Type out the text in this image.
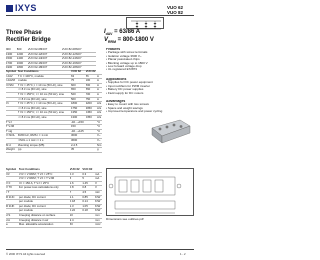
IXYS	VUO 62
VUO 82
Three Phase
Rectifier Bridge
$I_{dAV} = 63/86$ A
$V_{RRM} = 800-1800$ V
900	800	VUO 62-08NO7	VUO 82-08NO7
1300	1200	VUO 62-12NO7	VUO 82-12NO7
1500	1400	VUO 62-14NO7	VUO 82-14NO7
1700	1600	VUO 62-16NO7	VUO 82-16NO7
1900	1800	VUO 62-18NO7	VUO 82-18NO7
Symbol	Test Conditions	VUO 62	VUO 82	
I dAV	T C = 100°C, module	63	86	A
I dAVM	module	75	100	A
I FSM	T VJ = 45°C; t = 10 ms (50 Hz), sine	600	800	A
	t = 8.3 ms (60 Hz), sine	650	860	A
	T VJ = 150°C; t = 10 ms (50 Hz), sine	520	700	A
	t = 8.3 ms (60 Hz), sine	560	750	A
I²t	T VJ = 45°C; t = 10 ms (50 Hz), sine	1800	3200	A²s
	t = 8.3 ms (60 Hz), sine	1750	3050	A²s
	T VJ = 150°C; t = 10 ms (50 Hz), sine	1350	2450	A²s
	t = 8.3 ms (60 Hz), sine	1300	2350	A²s
T VJ		-40...+150		°C
T VJM		150		°C
T stg		-40...+125		°C
V ISOL	50/60 Hz, RMS t = 1 min	3000		V~
	I ISOL ≤ 1 mA t = 1 s	3600		V~
M d	Mounting torque (M5)	2-2.5		Nm
Weight	typ.	35		g
Symbol	Test Conditions	VUO 62	VUO 82	
I R	V R = V RRM; T VJ = 25°C	0.3	0.3	mA
	V R = V RRM; T VJ = T VJM	5	5	mA
V F	I F = 150 A; T VJ = 25°C	1.6	1.45	V
V T0	For power-loss calculations only	0.8	0.8	V
r T		7	4.5	mΩ
R thJC	per diode; DC current	1.1	0.85	K/W
	per module	0.18	0.14	K/W
R thJK	per diode; DC current	1.3	1.05	K/W
	per module	0.22	0.18	K/W
d S	Creeping distance on surface	10		mm
d A	Creeping distance in air	9.4		mm
a	Max. allowable acceleration	50		m/s²
Features
• Package with screw terminals
• Isolation voltage 3600 V~
• Planar passivated chips
• Blocking voltage up to 1800 V
• Low forward voltage drop
• UL registered E72873
Applications
• Supplies for DC power equipment
• Input rectifiers for PWM inverter
• Battery DC power supplies
• Field supply for DC motors
Advantages
• Easy to mount with two screws
• Space and weight savings
• Improved temperature and power cycling
Dimensions see outlines.pdf
© 2000 IXYS All rights reserved	1 - 2
